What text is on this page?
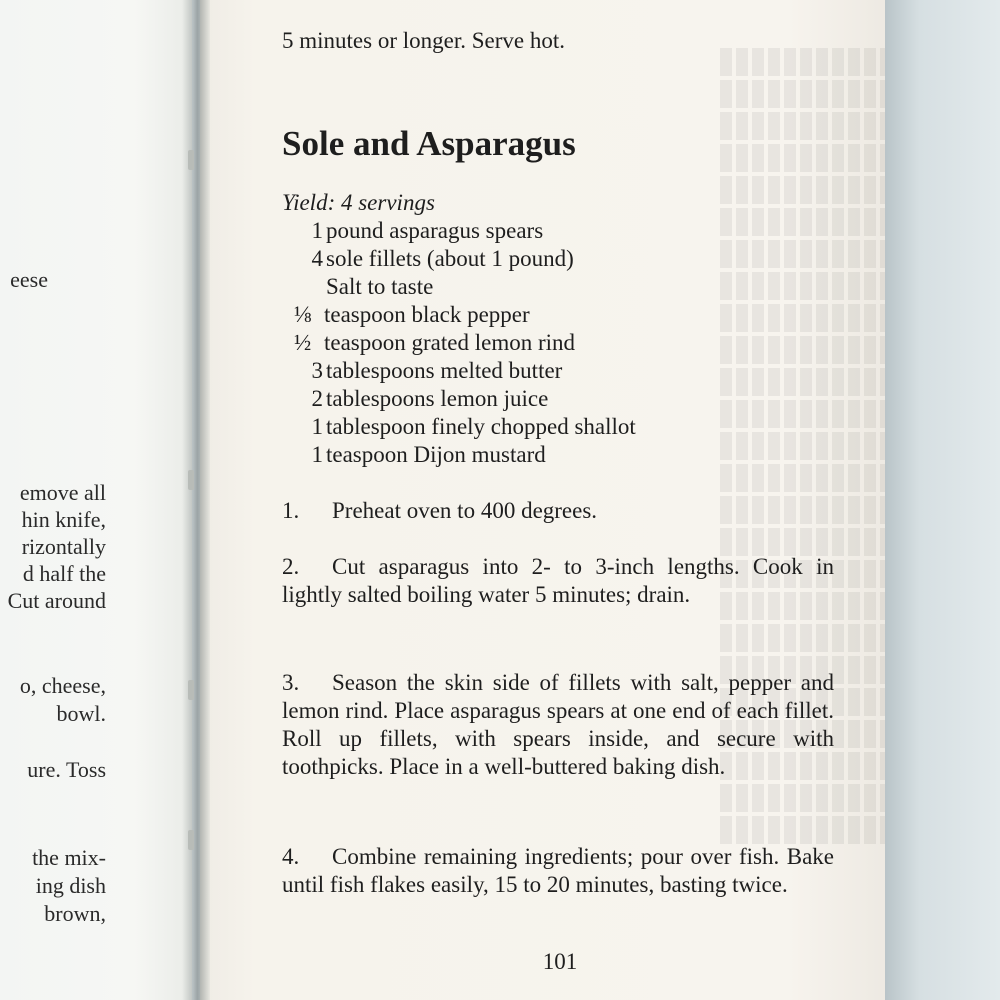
emove all
hin knife,
rizontally
d half the
Cut around
o, cheese,
bowl.
ure. Toss
the mix-
ing dish
brown,
eese
5 minutes or longer. Serve hot.
Sole and Asparagus
Yield: 4 servings
1 pound asparagus spears
4 sole fillets (about 1 pound)
Salt to taste
⅛ teaspoon black pepper
½ teaspoon grated lemon rind
3 tablespoons melted butter
2 tablespoons lemon juice
1 tablespoon finely chopped shallot
1 teaspoon Dijon mustard

1. Preheat oven to 400 degrees.

2. Cut asparagus into 2- to 3-inch lengths. Cook in lightly salted boiling water 5 minutes; drain.

3. Season the skin side of fillets with salt, pepper and lemon rind. Place asparagus spears at one end of each fillet. Roll up fillets, with spears inside, and secure with toothpicks. Place in a well-buttered baking dish.

4. Combine remaining ingredients; pour over fish. Bake until fish flakes easily, 15 to 20 minutes, basting twice.

101
